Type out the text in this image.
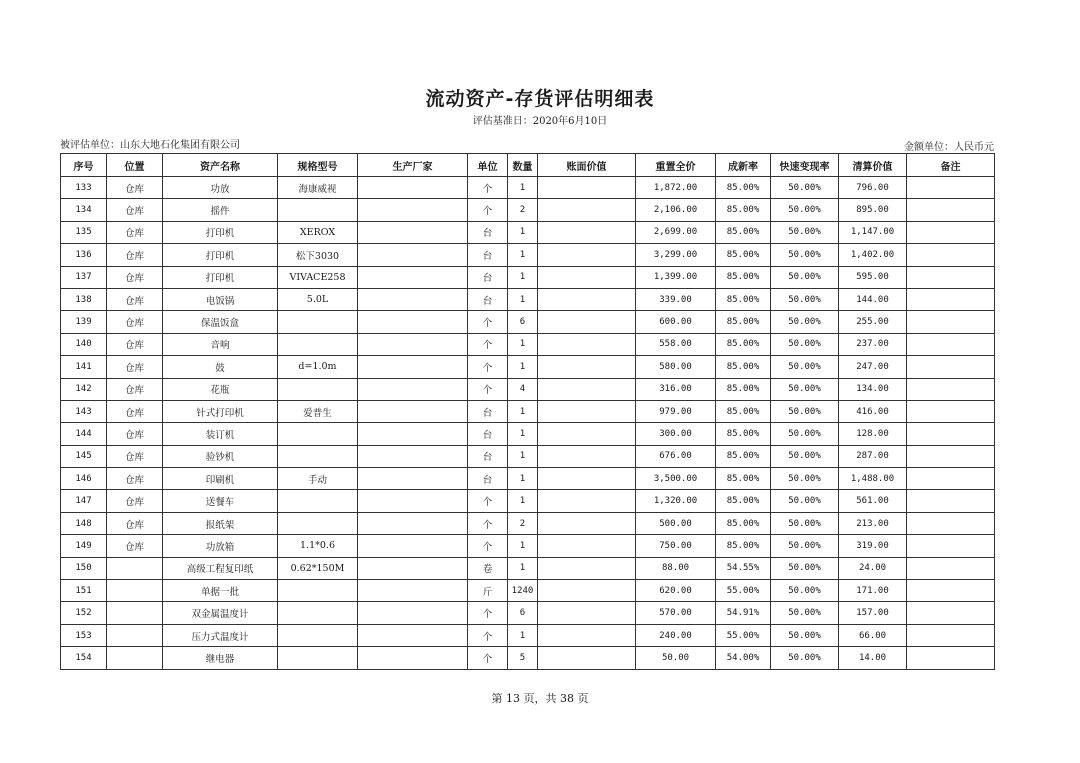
流动资产-存货评估明细表
评估基准日：2020年6月10日
被评估单位：山东大地石化集团有限公司	金额单位：人民币元
序号	位置	资产名称	规格型号	生产厂家	单位	数量	账面价值	重置全价	成新率	快速变现率	清算价值	备注
133	仓库	功放	海康威视		个	1		1,872.00	85.00%	50.00%	796.00	
134	仓库	摇件			个	2		2,106.00	85.00%	50.00%	895.00	
135	仓库	打印机	XEROX		台	1		2,699.00	85.00%	50.00%	1,147.00	
136	仓库	打印机	松下3030		台	1		3,299.00	85.00%	50.00%	1,402.00	
137	仓库	打印机	VIVACE258		台	1		1,399.00	85.00%	50.00%	595.00	
138	仓库	电饭锅	5.0L		台	1		339.00	85.00%	50.00%	144.00	
139	仓库	保温饭盒			个	6		600.00	85.00%	50.00%	255.00	
140	仓库	音响			个	1		558.00	85.00%	50.00%	237.00	
141	仓库	鼓	d=1.0m		个	1		580.00	85.00%	50.00%	247.00	
142	仓库	花瓶			个	4		316.00	85.00%	50.00%	134.00	
143	仓库	针式打印机	爱普生		台	1		979.00	85.00%	50.00%	416.00	
144	仓库	装订机			台	1		300.00	85.00%	50.00%	128.00	
145	仓库	验钞机			台	1		676.00	85.00%	50.00%	287.00	
146	仓库	印刷机	手动		台	1		3,500.00	85.00%	50.00%	1,488.00	
147	仓库	送餐车			个	1		1,320.00	85.00%	50.00%	561.00	
148	仓库	报纸架			个	2		500.00	85.00%	50.00%	213.00	
149	仓库	功放箱	1.1*0.6		个	1		750.00	85.00%	50.00%	319.00	
150		高级工程复印纸	0.62*150M		卷	1		88.00	54.55%	50.00%	24.00	
151		单据一批			斤	1240		620.00	55.00%	50.00%	171.00	
152		双金属温度计			个	6		570.00	54.91%	50.00%	157.00	
153		压力式温度计			个	1		240.00	55.00%	50.00%	66.00	
154		继电器			个	5		50.00	54.00%	50.00%	14.00	
第 13 页，共 38 页
